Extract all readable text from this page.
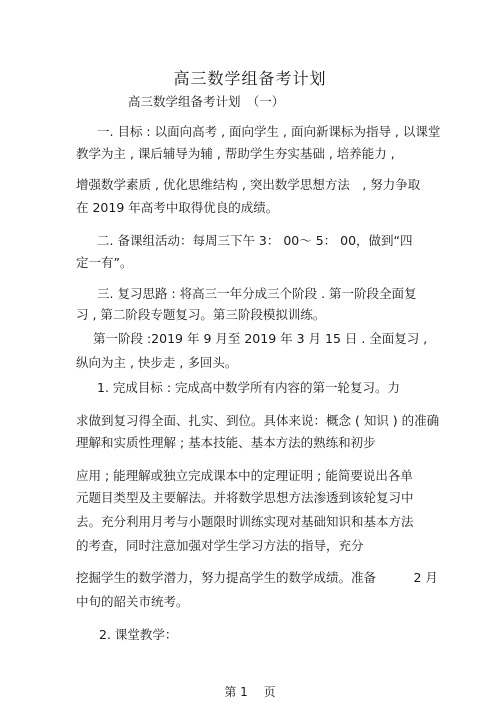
高三数学组备考计划
高三数学组备考计划　（一）
一. 目标 : 以面向高考 , 面向学生 , 面向新课标为指导 , 以课堂
教学为主 , 课后辅导为辅 , 帮助学生夯实基础 , 培养能力 ,
增强数学素质 , 优化思维结构 , 突出数学思想方法　, 努力争取
在 2019 年高考中取得优良的成绩。
二. 备课组活动：每周三下午 3： 00～ 5： 00，做到“四
定一有”。
三. 复习思路 : 将高三一年分成三个阶段 . 第一阶段全面复
习 , 第二阶段专题复习。第三阶段模拟训练。
第一阶段 :2019 年 9 月至 2019 年 3 月 15 日 . 全面复习 ,
纵向为主 , 快步走 , 多回头。
1. 完成目标 : 完成高中数学所有内容的第一轮复习。力
求做到复习得全面、扎实、到位。具体来说：概念 ( 知识 ) 的准确
理解和实质性理解 ; 基本技能、基本方法的熟练和初步
应用 ; 能理解或独立完成课本中的定理证明 ; 能简要说出各单
元题目类型及主要解法。并将数学思想方法渗透到该轮复习中
去。充分利用月考与小题限时训练实现对基础知识和基本方法
的考查，同时注意加强对学生学习方法的指导，充分
挖掘学生的数学潜力，努力提高学生的数学成绩。准备　　　2 月
中旬的韶关市统考。
2. 课堂教学：
第 1　 页
